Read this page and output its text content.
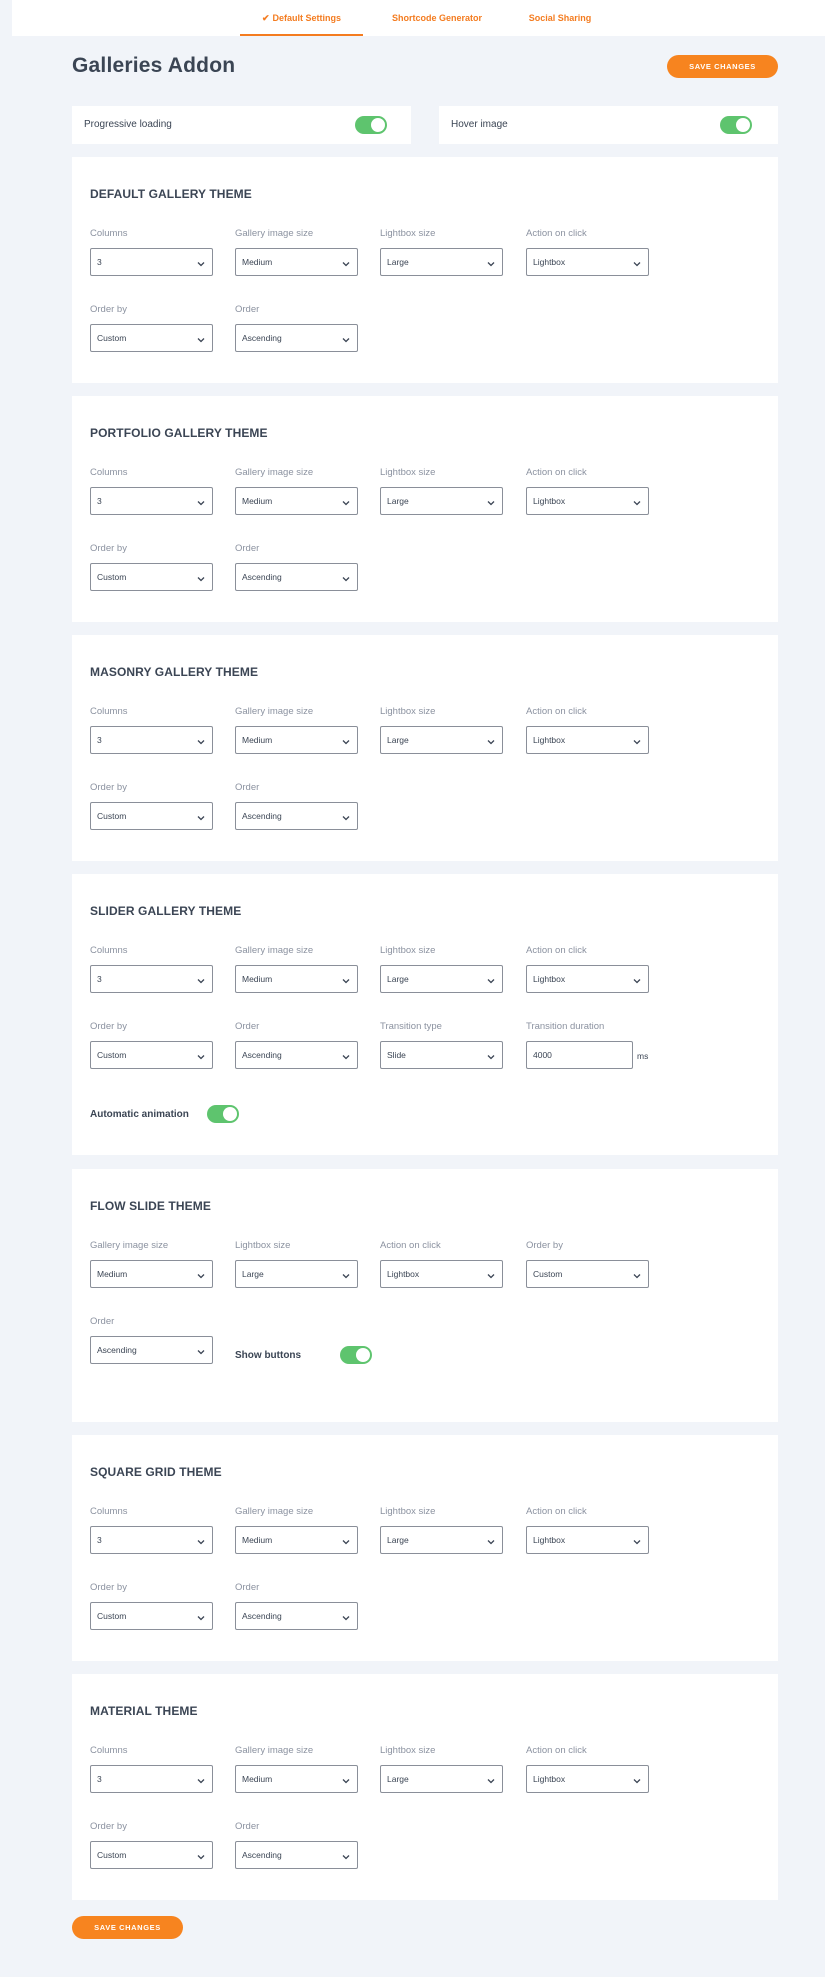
✔ Default Settings	Shortcode Generator	Social Sharing
Galleries Addon	SAVE CHANGES
Progressive loading	Hover image
DEFAULT GALLERY THEME
Columns
3
Gallery image size
Medium
Lightbox size
Large
Action on click
Lightbox
Order by
Custom
Order
Ascending
PORTFOLIO GALLERY THEME
Columns
3
Gallery image size
Medium
Lightbox size
Large
Action on click
Lightbox
Order by
Custom
Order
Ascending
MASONRY GALLERY THEME
Columns
3
Gallery image size
Medium
Lightbox size
Large
Action on click
Lightbox
Order by
Custom
Order
Ascending
SLIDER GALLERY THEME
Columns
3
Gallery image size
Medium
Lightbox size
Large
Action on click
Lightbox
Order by
Custom
Order
Ascending
Transition type
Slide
Transition duration
4000	ms
Automatic animation
FLOW SLIDE THEME
Gallery image size
Medium
Lightbox size
Large
Action on click
Lightbox
Order by
Custom
Order
Ascending	Show buttons
SQUARE GRID THEME
Columns
3
Gallery image size
Medium
Lightbox size
Large
Action on click
Lightbox
Order by
Custom
Order
Ascending
MATERIAL THEME
Columns
3
Gallery image size
Medium
Lightbox size
Large
Action on click
Lightbox
Order by
Custom
Order
Ascending
SAVE CHANGES
